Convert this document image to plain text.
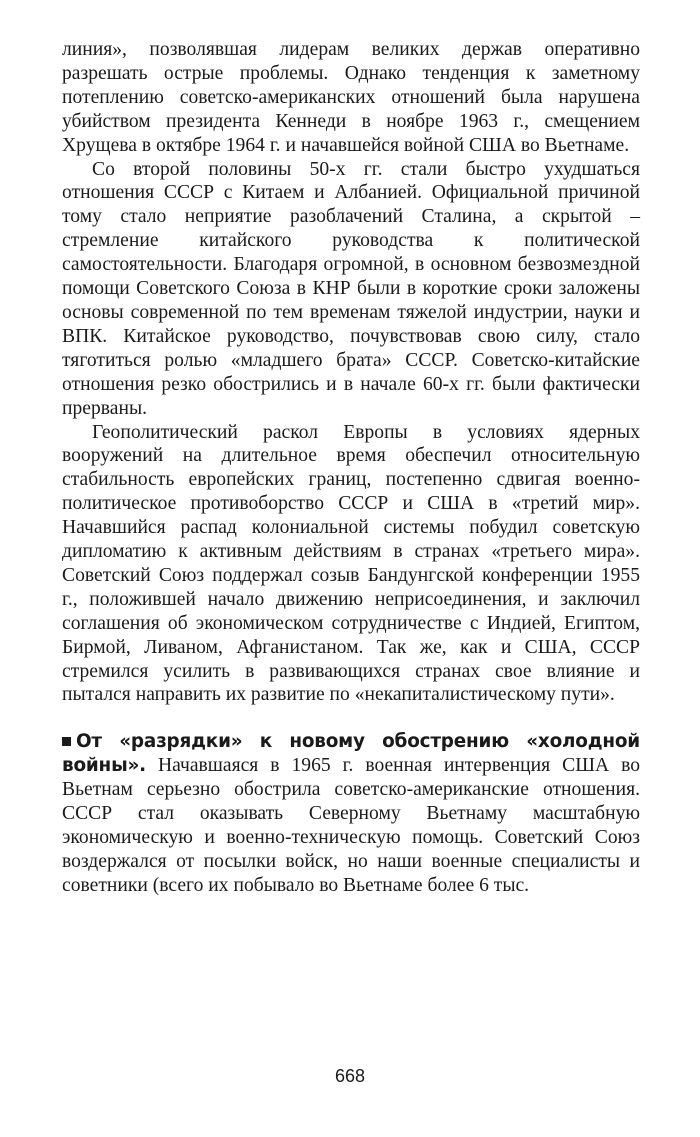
линия», позволявшая лидерам великих держав оперативно разрешать острые проблемы. Однако тенденция к заметному потеплению советско-американских отношений была нарушена убийством президента Кеннеди в ноябре 1963 г., смещением Хрущева в октябре 1964 г. и начавшейся войной США во Вьетнаме.

Со второй половины 50-х гг. стали быстро ухудшаться отношения СССР с Китаем и Албанией. Официальной причиной тому стало неприятие разоблачений Сталина, а скрытой – стремление китайского руководства к политической самостоятельности. Благодаря огромной, в основном безвозмездной помощи Советского Союза в КНР были в короткие сроки заложены основы современной по тем временам тяжелой индустрии, науки и ВПК. Китайское руководство, почувствовав свою силу, стало тяготиться ролью «младшего брата» СССР. Советско-китайские отношения резко обострились и в начале 60-х гг. были фактически прерваны.

Геополитический раскол Европы в условиях ядерных вооружений на длительное время обеспечил относительную стабильность европейских границ, постепенно сдвигая военно-политическое противоборство СССР и США в «третий мир». Начавшийся распад колониальной системы побудил советскую дипломатию к активным действиям в странах «третьего мира». Советский Союз поддержал созыв Бандунгской конференции 1955 г., положившей начало движению неприсоединения, и заключил соглашения об экономическом сотрудничестве с Индией, Египтом, Бирмой, Ливаном, Афганистаном. Так же, как и США, СССР стремился усилить в развивающихся странах свое влияние и пытался направить их развитие по «некапиталистическому пути».

От «разрядки» к новому обострению «холодной войны». Начавшаяся в 1965 г. военная интервенция США во Вьетнам серьезно обострила советско-американские отношения. СССР стал оказывать Северному Вьетнаму масштабную экономическую и военно-техническую помощь. Советский Союз воздержался от посылки войск, но наши военные специалисты и советники (всего их побывало во Вьетнаме более 6 тыс.

668
